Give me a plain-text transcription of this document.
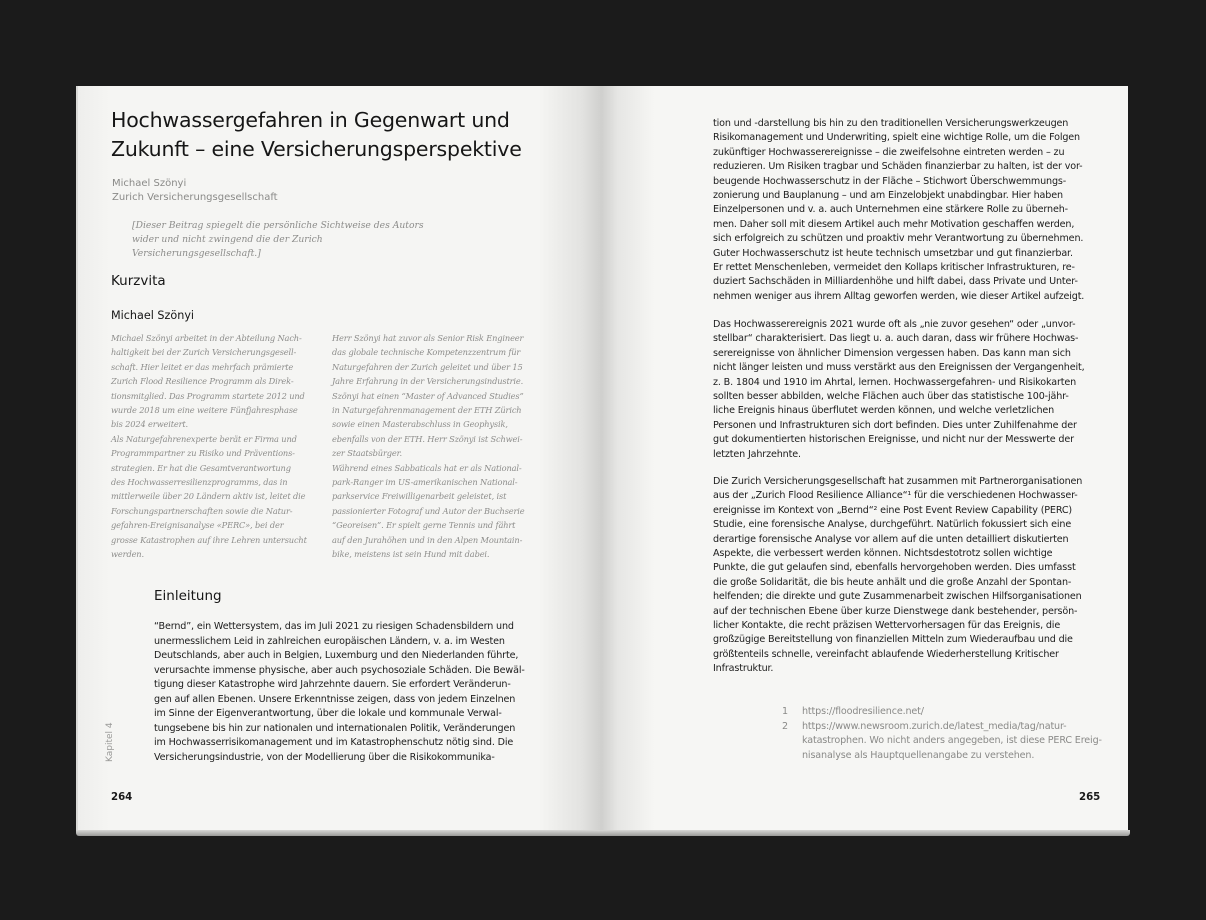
Hochwassergefahren in Gegenwart und Zukunft – eine Versicherungsperspektive
Michael Szönyi
Zurich Versicherungsgesellschaft

[Dieser Beitrag spiegelt die persönliche Sichtweise des Autors wider und nicht zwingend die der Zurich Versicherungsgesellschaft.]

Kurzvita
Michael Szönyi
Michael Szönyi arbeitet in der Abteilung Nach-
haltigkeit bei der Zurich Versicherungsgesell-
schaft. Hier leitet er das mehrfach prämierte
Zurich Flood Resilience Programm als Direk-
tionsmitglied. Das Programm startete 2012 und
wurde 2018 um eine weitere Fünfjahresphase
bis 2024 erweitert.
Als Naturgefahrenexperte berät er Firma und
Programmpartner zu Risiko und Präventions-
strategien. Er hat die Gesamtverantwortung
des Hochwasserresilienzprogramms, das in
mittlerweile über 20 Ländern aktiv ist, leitet die
Forschungspartnerschaften sowie die Natur-
gefahren-Ereignisanalyse «PERC», bei der
grosse Katastrophen auf ihre Lehren untersucht
werden.
Herr Szönyi hat zuvor als Senior Risk Engineer
das globale technische Kompetenzzentrum für
Naturgefahren der Zurich geleitet und über 15
Jahre Erfahrung in der Versicherungsindustrie.
Szönyi hat einen “Master of Advanced Studies”
in Naturgefahrenmanagement der ETH Zürich
sowie einen Masterabschluss in Geophysik,
ebenfalls von der ETH. Herr Szönyi ist Schwei-
zer Staatsbürger.
Während eines Sabbaticals hat er als National-
park-Ranger im US-amerikanischen National-
parkservice Freiwilligenarbeit geleistet, ist
passionierter Fotograf und Autor der Buchserie
“Georeisen”. Er spielt gerne Tennis und fährt
auf den Jurahöhen und in den Alpen Mountain-
bike, meistens ist sein Hund mit dabei.
Einleitung
“Bernd”, ein Wettersystem, das im Juli 2021 zu riesigen Schadensbildern und
unermesslichem Leid in zahlreichen europäischen Ländern, v. a. im Westen
Deutschlands, aber auch in Belgien, Luxemburg und den Niederlanden führte,
verursachte immense physische, aber auch psychosoziale Schäden. Die Bewäl-
tigung dieser Katastrophe wird Jahrzehnte dauern. Sie erfordert Veränderun-
gen auf allen Ebenen. Unsere Erkenntnisse zeigen, dass von jedem Einzelnen
im Sinne der Eigenverantwortung, über die lokale und kommunale Verwal-
tungsebene bis hin zur nationalen und internationalen Politik, Veränderungen
im Hochwasserrisikomanagement und im Katastrophenschutz nötig sind. Die
Versicherungsindustrie, von der Modellierung über die Risikokommunika-
Kapitel 4
264
tion und -darstellung bis hin zu den traditionellen Versicherungswerkzeugen
Risikomanagement und Underwriting, spielt eine wichtige Rolle, um die Folgen
zukünftiger Hochwasserereignisse – die zweifelsohne eintreten werden – zu
reduzieren. Um Risiken tragbar und Schäden finanzierbar zu halten, ist der vor-
beugende Hochwasserschutz in der Fläche – Stichwort Überschwemmungs-
zonierung und Bauplanung – und am Einzelobjekt unabdingbar. Hier haben
Einzelpersonen und v. a. auch Unternehmen eine stärkere Rolle zu überneh-
men. Daher soll mit diesem Artikel auch mehr Motivation geschaffen werden,
sich erfolgreich zu schützen und proaktiv mehr Verantwortung zu übernehmen.
Guter Hochwasserschutz ist heute technisch umsetzbar und gut finanzierbar.
Er rettet Menschenleben, vermeidet den Kollaps kritischer Infrastrukturen, re-
duziert Sachschäden in Milliardenhöhe und hilft dabei, dass Private und Unter-
nehmen weniger aus ihrem Alltag geworfen werden, wie dieser Artikel aufzeigt.
Das Hochwasserereignis 2021 wurde oft als „nie zuvor gesehen“ oder „unvor-
stellbar“ charakterisiert. Das liegt u. a. auch daran, dass wir frühere Hochwas-
serereignisse von ähnlicher Dimension vergessen haben. Das kann man sich
nicht länger leisten und muss verstärkt aus den Ereignissen der Vergangenheit,
z. B. 1804 und 1910 im Ahrtal, lernen. Hochwassergefahren- und Risikokarten
sollten besser abbilden, welche Flächen auch über das statistische 100-jähr-
liche Ereignis hinaus überflutet werden können, und welche verletzlichen
Personen und Infrastrukturen sich dort befinden. Dies unter Zuhilfenahme der
gut dokumentierten historischen Ereignisse, und nicht nur der Messwerte der
letzten Jahrzehnte.
Die Zurich Versicherungsgesellschaft hat zusammen mit Partnerorganisationen
aus der „Zurich Flood Resilience Alliance“¹ für die verschiedenen Hochwasser-
ereignisse im Kontext von „Bernd“² eine Post Event Review Capability (PERC)
Studie, eine forensische Analyse, durchgeführt. Natürlich fokussiert sich eine
derartige forensische Analyse vor allem auf die unten detailliert diskutierten
Aspekte, die verbessert werden können. Nichtsdestotrotz sollen wichtige
Punkte, die gut gelaufen sind, ebenfalls hervorgehoben werden. Dies umfasst
die große Solidarität, die bis heute anhält und die große Anzahl der Spontan-
helfenden; die direkte und gute Zusammenarbeit zwischen Hilfsorganisationen
auf der technischen Ebene über kurze Dienstwege dank bestehender, persön-
licher Kontakte, die recht präzisen Wettervorhersagen für das Ereignis, die
großzügige Bereitstellung von finanziellen Mitteln zum Wiederaufbau und die
größtenteils schnelle, vereinfacht ablaufende Wiederherstellung Kritischer
Infrastruktur.
1 https://floodresilience.net/
2 https://www.newsroom.zurich.de/latest_media/tag/natur-
katastrophen. Wo nicht anders angegeben, ist diese PERC Ereig-
nisanalyse als Hauptquellenangabe zu verstehen.
265
